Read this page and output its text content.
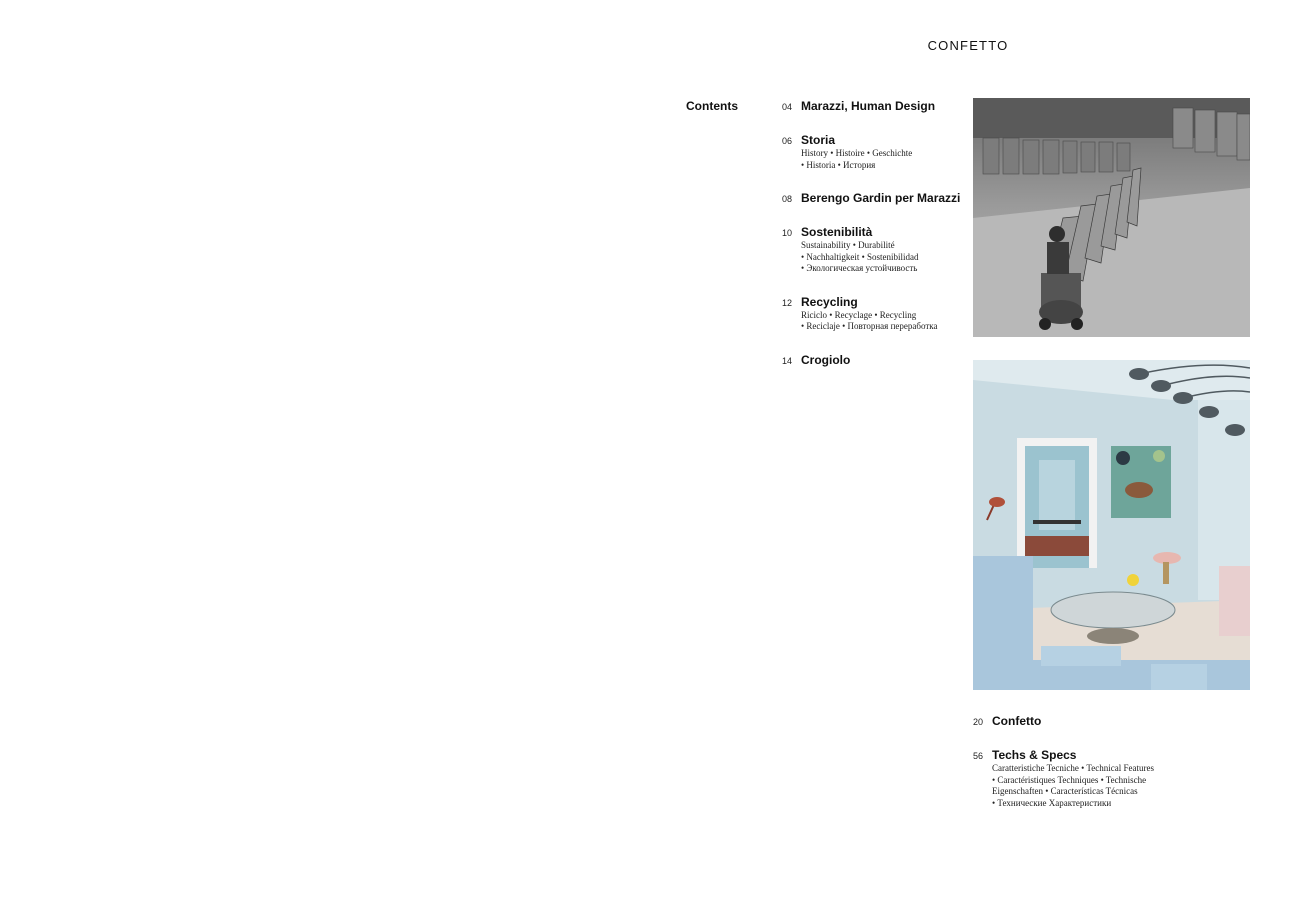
CONFETTO
Contents	04 Marazzi, Human Design
06 Storia
History • Histoire • Geschichte
• Historia • История
08 Berengo Gardin per Marazzi
10 Sostenibilità
Sustainability • Durabilité
• Nachhaltigkeit • Sostenibilidad
• Экологическая устойчивость
12 Recycling
Riciclo • Recyclage • Recycling
• Reciclaje • Повторная переработка
14 Crogiolo
20 Confetto
56 Techs & Specs
Caratteristiche Tecniche • Technical Features
• Caractéristiques Techniques • Technische
Eigenschaften • Características Técnicas
• Технические Характеристики
